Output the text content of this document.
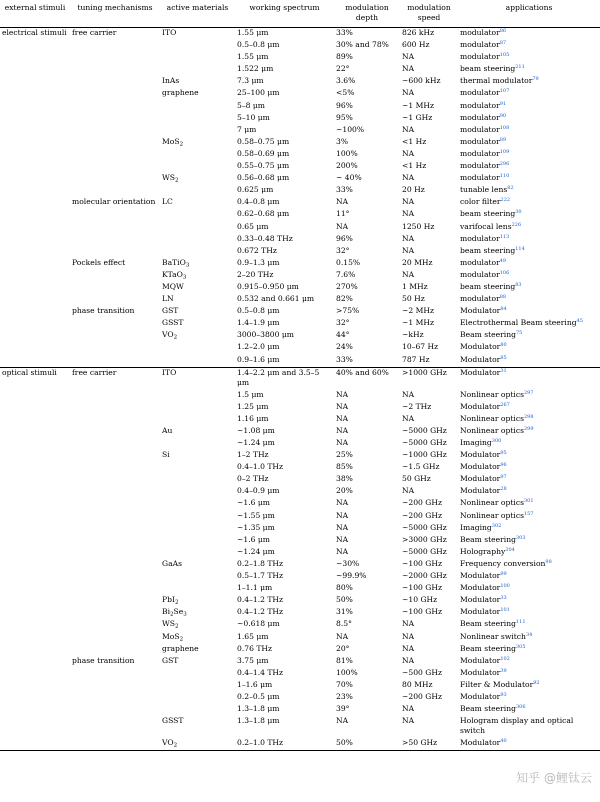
external stimuli	tuning mechanisms	active materials	working spectrum	modulation depth	modulation speed	applications
electrical stimuli	free carrier	ITO	1.55 μm	33%	826 kHz	modulator$^{86}$
			0.5–0.8 μm	30% and 78%	600 Hz	modulator$^{87}$
			1.55 μm	89%	NA	modulator$^{105}$
			1.522 μm	22°	NA	beam steering$^{211}$
		InAs	7.3 μm	3.6%	~600 kHz	thermal modulator$^{79}$
		graphene	25–100 μm	<5%	NA	modulator$^{107}$
			5–8 μm	96%	~1 MHz	modulator$^{91}$
			5–10 μm	95%	~1 GHz	modulator$^{90}$
			7 μm	~100%	NA	modulator$^{108}$
		MoS$_2$	0.58–0.75 μm	3%	<1 Hz	modulator$^{89}$
			0.58–0.69 μm	100%	NA	modulator$^{109}$
			0.55–0.75 μm	200%	<1 Hz	modulator$^{296}$
		$WS_2$	0.56–0.68 μm	~ 40%	NA	modulator$^{110}$
			0.625 μm	33%	20 Hz	tunable lens$^{82}$
	molecular orientation	LC	0.4–0.8 μm	NA	NA	color filter$^{222}$
			0.62–0.68 μm	11°	NA	beam steering$^{30}$
			0.65 μm	NA	1250 Hz	varifocal lens$^{226}$
			0.33–0.48 THz	96%	NA	modulator$^{113}$
			0.672 THz	32°	NA	beam steering$^{114}$
	Pockels effect	BaTiO$_3$	0.9–1.3 μm	0.15%	20 MHz	modulator$^{49}$
		KTaO$_3$	2–20 THz	7.6%	NA	modulator$^{106}$
		MQW	0.915–0.950 μm	270%	1 MHz	beam steering$^{83}$
		LN	0.532 and 0.661 μm	82%	50 Hz	modulator$^{88}$
	phase transition	GST	0.5–0.8 μm	>75%	~2 MHz	Modulator$^{84}$
		GSST	1.4–1.9 μm	32°	~1 MHz	Electrothermal Beam steering$^{45}$
		$VO_2$	3000–3800 μm	44°	~kHz	Beam steering$^{75}$
			1.2–2.0 μm	24%	10–67 Hz	Modulator$^{80}$
			0.9–1.6 μm	33%	787 Hz	Modulator$^{85}$
optical stimuli	free carrier	ITO	1.4–2.2 μm and 3.5–5 μm	40% and 60%	>1000 GHz	Modulator$^{31}$
			1.5 μm	NA	NA	Nonlinear optics$^{297}$
			1.25 μm	NA	~2 THz	Modulator$^{267}$
			1.16 μm	NA	NA	Nonlinear optics$^{298}$
		Au	~1.08 μm	NA	~5000 GHz	Nonlinear optics$^{299}$
			~1.24 μm	NA	~5000 GHz	Imaging$^{300}$
		Si	1–2 THz	25%	~1000 GHz	Modulator$^{95}$
			0.4–1.0 THz	85%	~1.5 GHz	Modulator$^{96}$
			0–2 THz	38%	50 GHz	Modulator$^{97}$
			0.4–0.9 μm	20%	NA	Modulator$^{28}$
			~1.6 μm	NA	~200 GHz	Nonlinear optics$^{301}$
			~1.55 μm	NA	~200 GHz	Nonlinear optics$^{157}$
			~1.35 μm	NA	~5000 GHz	Imaging$^{302}$
			~1.6 μm	NA	>3000 GHz	Beam steering$^{303}$
			~1.24 μm	NA	~5000 GHz	Holography$^{304}$
		GaAs	0.2–1.8 THz	~30%	~100 GHz	Frequency conversion$^{98}$
			0.5–1.7 THz	~99.9%	~2000 GHz	Modulator$^{99}$
			1–1.1 μm	80%	~100 GHz	Modulator$^{100}$
		PbI$_2$	0.4–1.2 THz	50%	~10 GHz	Modulator$^{33}$
		$Bi_2Se_3$	0.4–1.2 THz	31%	~100 GHz	Modulator$^{101}$
		$WS_2$	~0.618 μm	8.5°	NA	Beam steering$^{111}$
		MoS$_2$	1.65 μm	NA	NA	Nonlinear switch$^{34}$
		graphene	0.76 THz	20°	NA	Beam steering$^{305}$
	phase transition	GST	3.75 μm	81%	NA	Modulator$^{102}$
			0.4–1.4 THz	100%	~500 GHz	Modulator$^{39}$
			1–1.6 μm	70%	80 MHz	Filter & Modulator$^{92}$
			0.2–0.5 μm	23%	~200 GHz	Modulator$^{93}$
			1.3–1.8 μm	39°	NA	Beam steering$^{306}$
		GSST	1.3–1.8 μm	NA	NA	Hologram display and optical switch
		$VO_2$	0.2–1.0 THz	50%	>50 GHz	Modulator$^{40}$
知乎 @鲤钛云
